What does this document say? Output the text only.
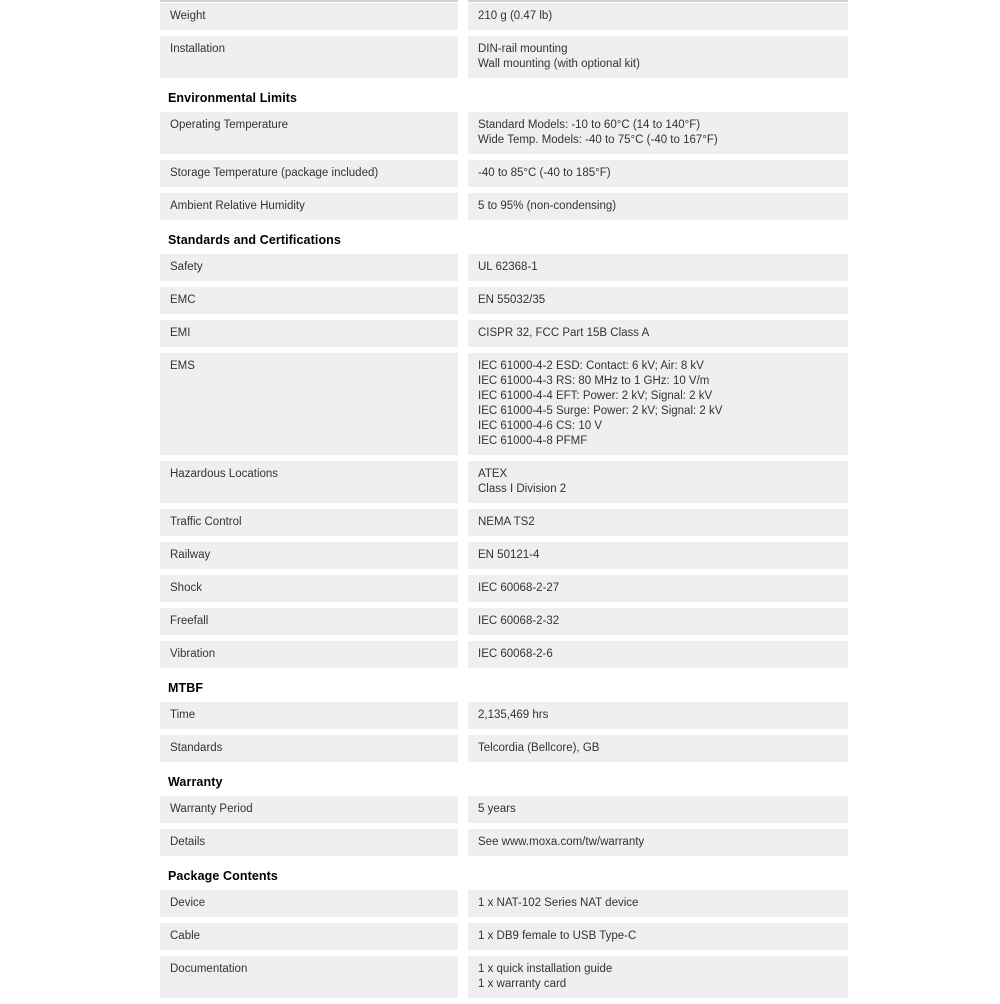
Weight	210 g (0.47 lb)
Installation	DIN-rail mounting
Wall mounting (with optional kit)
Environmental Limits
Operating Temperature	Standard Models: -10 to 60°C (14 to 140°F)
Wide Temp. Models: -40 to 75°C (-40 to 167°F)
Storage Temperature (package included)	-40 to 85°C (-40 to 185°F)
Ambient Relative Humidity	5 to 95% (non-condensing)
Standards and Certifications
Safety	UL 62368-1
EMC	EN 55032/35
EMI	CISPR 32, FCC Part 15B Class A
EMS	IEC 61000-4-2 ESD: Contact: 6 kV; Air: 8 kV
IEC 61000-4-3 RS: 80 MHz to 1 GHz: 10 V/m
IEC 61000-4-4 EFT: Power: 2 kV; Signal: 2 kV
IEC 61000-4-5 Surge: Power: 2 kV; Signal: 2 kV
IEC 61000-4-6 CS: 10 V
IEC 61000-4-8 PFMF
Hazardous Locations	ATEX
Class I Division 2
Traffic Control	NEMA TS2
Railway	EN 50121-4
Shock	IEC 60068-2-27
Freefall	IEC 60068-2-32
Vibration	IEC 60068-2-6
MTBF
Time	2,135,469 hrs
Standards	Telcordia (Bellcore), GB
Warranty
Warranty Period	5 years
Details	See www.moxa.com/tw/warranty
Package Contents
Device	1 x NAT-102 Series NAT device
Cable	1 x DB9 female to USB Type-C
Documentation	1 x quick installation guide
1 x warranty card
